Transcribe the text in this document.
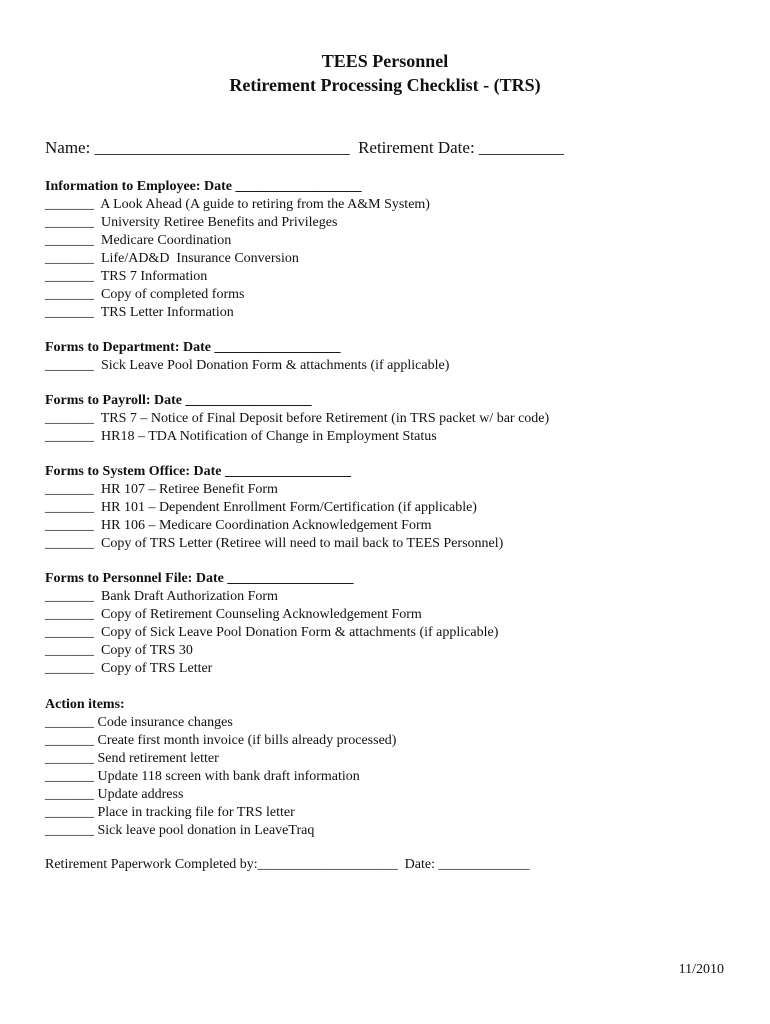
TEES Personnel
Retirement Processing Checklist - (TRS)
Name: ______________________________ Retirement Date: __________
Information to Employee: Date __________________
_______  A Look Ahead (A guide to retiring from the A&M System)
_______  University Retiree Benefits and Privileges
_______  Medicare Coordination
_______  Life/AD&D  Insurance Conversion
_______  TRS 7 Information
_______  Copy of completed forms
_______  TRS Letter Information
Forms to Department: Date __________________
_______  Sick Leave Pool Donation Form & attachments (if applicable)
Forms to Payroll: Date __________________
_______  TRS 7 – Notice of Final Deposit before Retirement (in TRS packet w/ bar code)
_______  HR18 – TDA Notification of Change in Employment Status
Forms to System Office: Date __________________
_______  HR 107 – Retiree Benefit Form
_______  HR 101 – Dependent Enrollment Form/Certification (if applicable)
_______  HR 106 – Medicare Coordination Acknowledgement Form
_______  Copy of TRS Letter (Retiree will need to mail back to TEES Personnel)
Forms to Personnel File: Date __________________
_______  Bank Draft Authorization Form
_______  Copy of Retirement Counseling Acknowledgement Form
_______  Copy of Sick Leave Pool Donation Form & attachments (if applicable)
_______  Copy of TRS 30
_______  Copy of TRS Letter
Action items:
_______ Code insurance changes
_______ Create first month invoice (if bills already processed)
_______ Send retirement letter
_______ Update 118 screen with bank draft information
_______ Update address
_______ Place in tracking file for TRS letter
_______ Sick leave pool donation in LeaveTraq
Retirement Paperwork Completed by:____________________  Date: _____________
11/2010
